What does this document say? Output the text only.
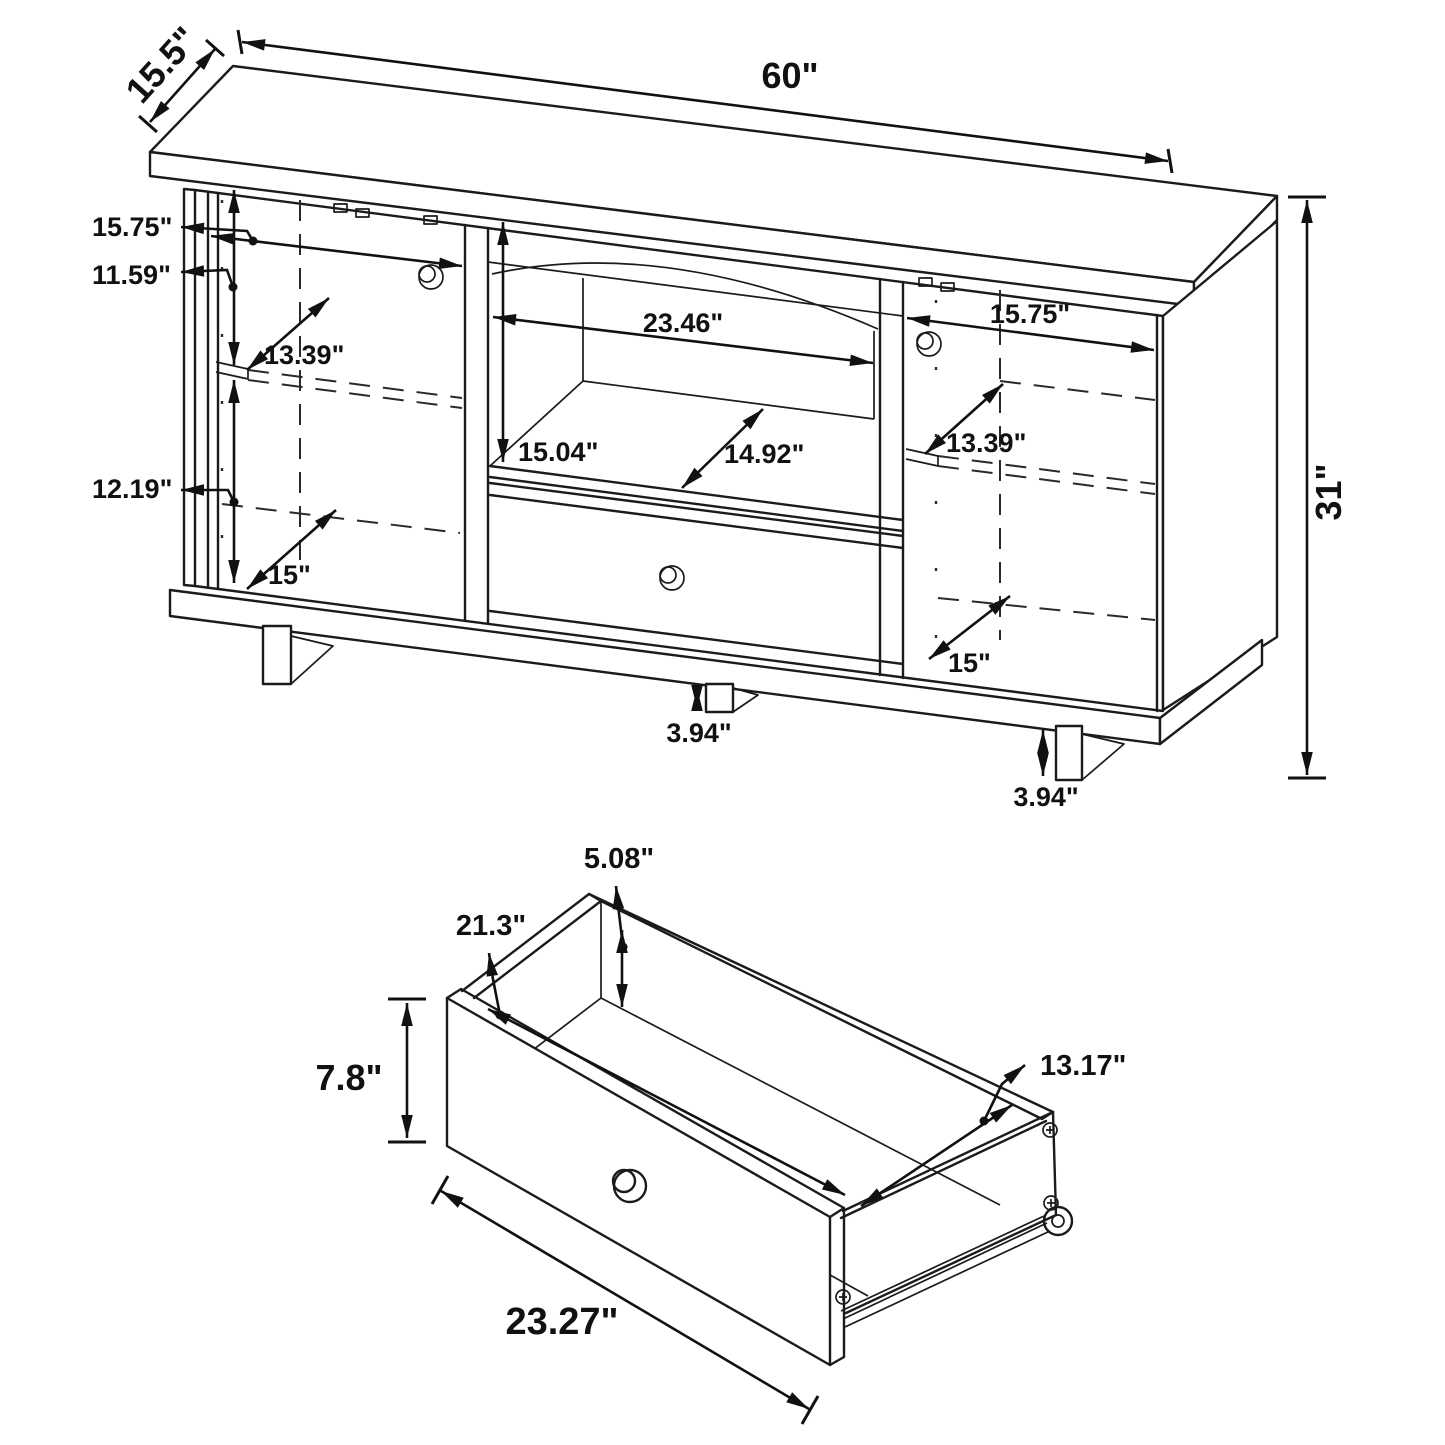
15.5"	60"
31"
15.75"
11.59"
13.39"
12.19"
15"
23.46"
15.04"	14.92"
3.94"
15.75"
13.39"
15"
3.94"
5.08"
21.3"
13.17"
7.8"
23.27"
